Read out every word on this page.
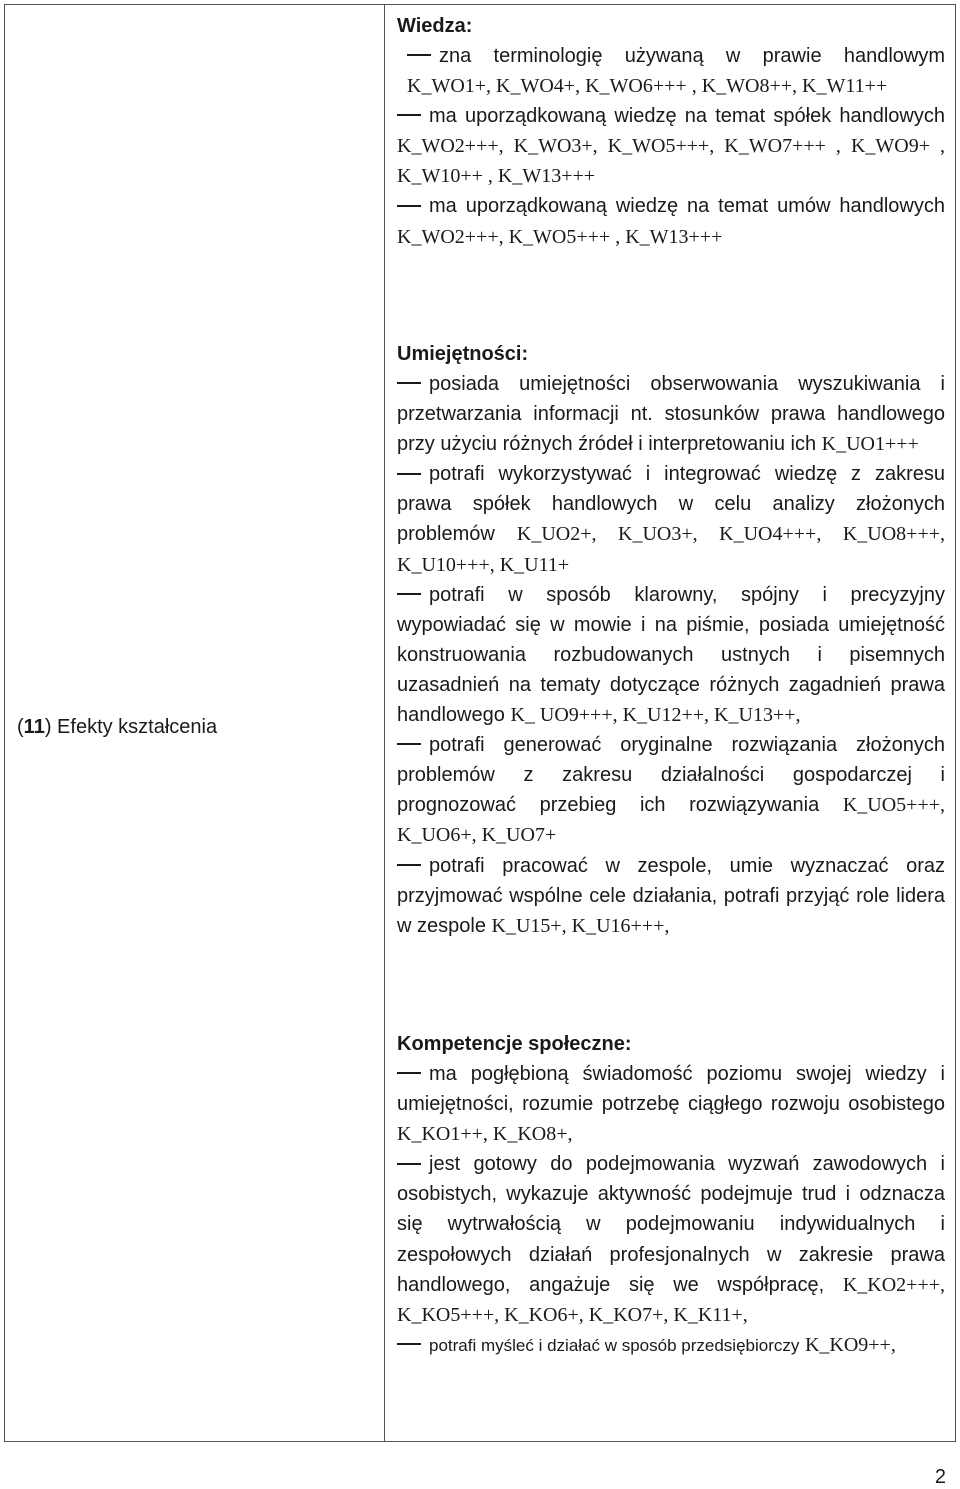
(11) Efekty kształcenia

Wiedza:

zna terminologię używaną w prawie handlowym K_WO1+, K_WO4+, K_WO6+++ , K_WO8++, K_W11++

ma uporządkowaną wiedzę na temat spółek handlowych K_WO2+++, K_WO3+, K_WO5+++, K_WO7+++ , K_WO9+ , K_W10++ , K_W13+++

ma uporządkowaną wiedzę na temat umów handlowych K_WO2+++, K_WO5+++ , K_W13+++

Umiejętności:

posiada umiejętności obserwowania wyszukiwania i przetwarzania informacji nt. stosunków prawa handlowego przy użyciu różnych źródeł i interpretowaniu ich K_UO1+++

potrafi wykorzystywać i integrować wiedzę z zakresu prawa spółek handlowych w celu analizy złożonych problemów K_UO2+, K_UO3+, K_UO4+++, K_UO8+++, K_U10+++, K_U11+

potrafi w sposób klarowny, spójny i precyzyjny wypowiadać się w mowie i na piśmie, posiada umiejętność konstruowania rozbudowanych ustnych i pisemnych uzasadnień na tematy dotyczące różnych zagadnień prawa handlowego K_ UO9+++, K_U12++, K_U13++,

potrafi generować oryginalne rozwiązania złożonych problemów z zakresu działalności gospodarczej i prognozować przebieg ich rozwiązywania K_UO5+++, K_UO6+, K_UO7+

potrafi pracować w zespole, umie wyznaczać oraz przyjmować wspólne cele działania, potrafi przyjąć role lidera w zespole K_U15+, K_U16+++,

Kompetencje społeczne:

ma pogłębioną świadomość poziomu swojej wiedzy i umiejętności, rozumie potrzebę ciągłego rozwoju osobistego K_KO1++, K_KO8+,

jest gotowy do podejmowania wyzwań zawodowych i osobistych, wykazuje aktywność podejmuje trud i odznacza się wytrwałością w podejmowaniu indywidualnych i zespołowych działań profesjonalnych w zakresie prawa handlowego, angażuje się we współpracę, K_KO2+++, K_KO5+++, K_KO6+, K_KO7+, K_K11+,

potrafi myśleć i działać w sposób przedsiębiorczy K_KO9++,

2
